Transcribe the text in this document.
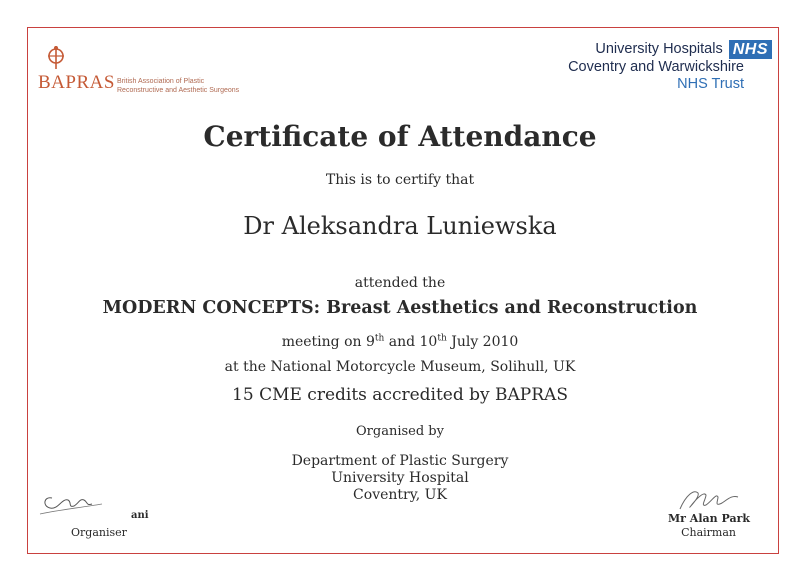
BAPRAS British Association of Plastic
Reconstructive and Aesthetic Surgeons
University Hospitals NHS
Coventry and Warwickshire
NHS Trust
Certificate of Attendance
This is to certify that
Dr Aleksandra Luniewska
attended the
MODERN CONCEPTS: Breast Aesthetics and Reconstruction
meeting on 9th and 10th July 2010
at the National Motorcycle Museum, Solihull, UK
15 CME credits accredited by BAPRAS
Organised by
Department of Plastic Surgery
University Hospital
Coventry, UK
ani
Organiser
Mr Alan Park
Chairman
